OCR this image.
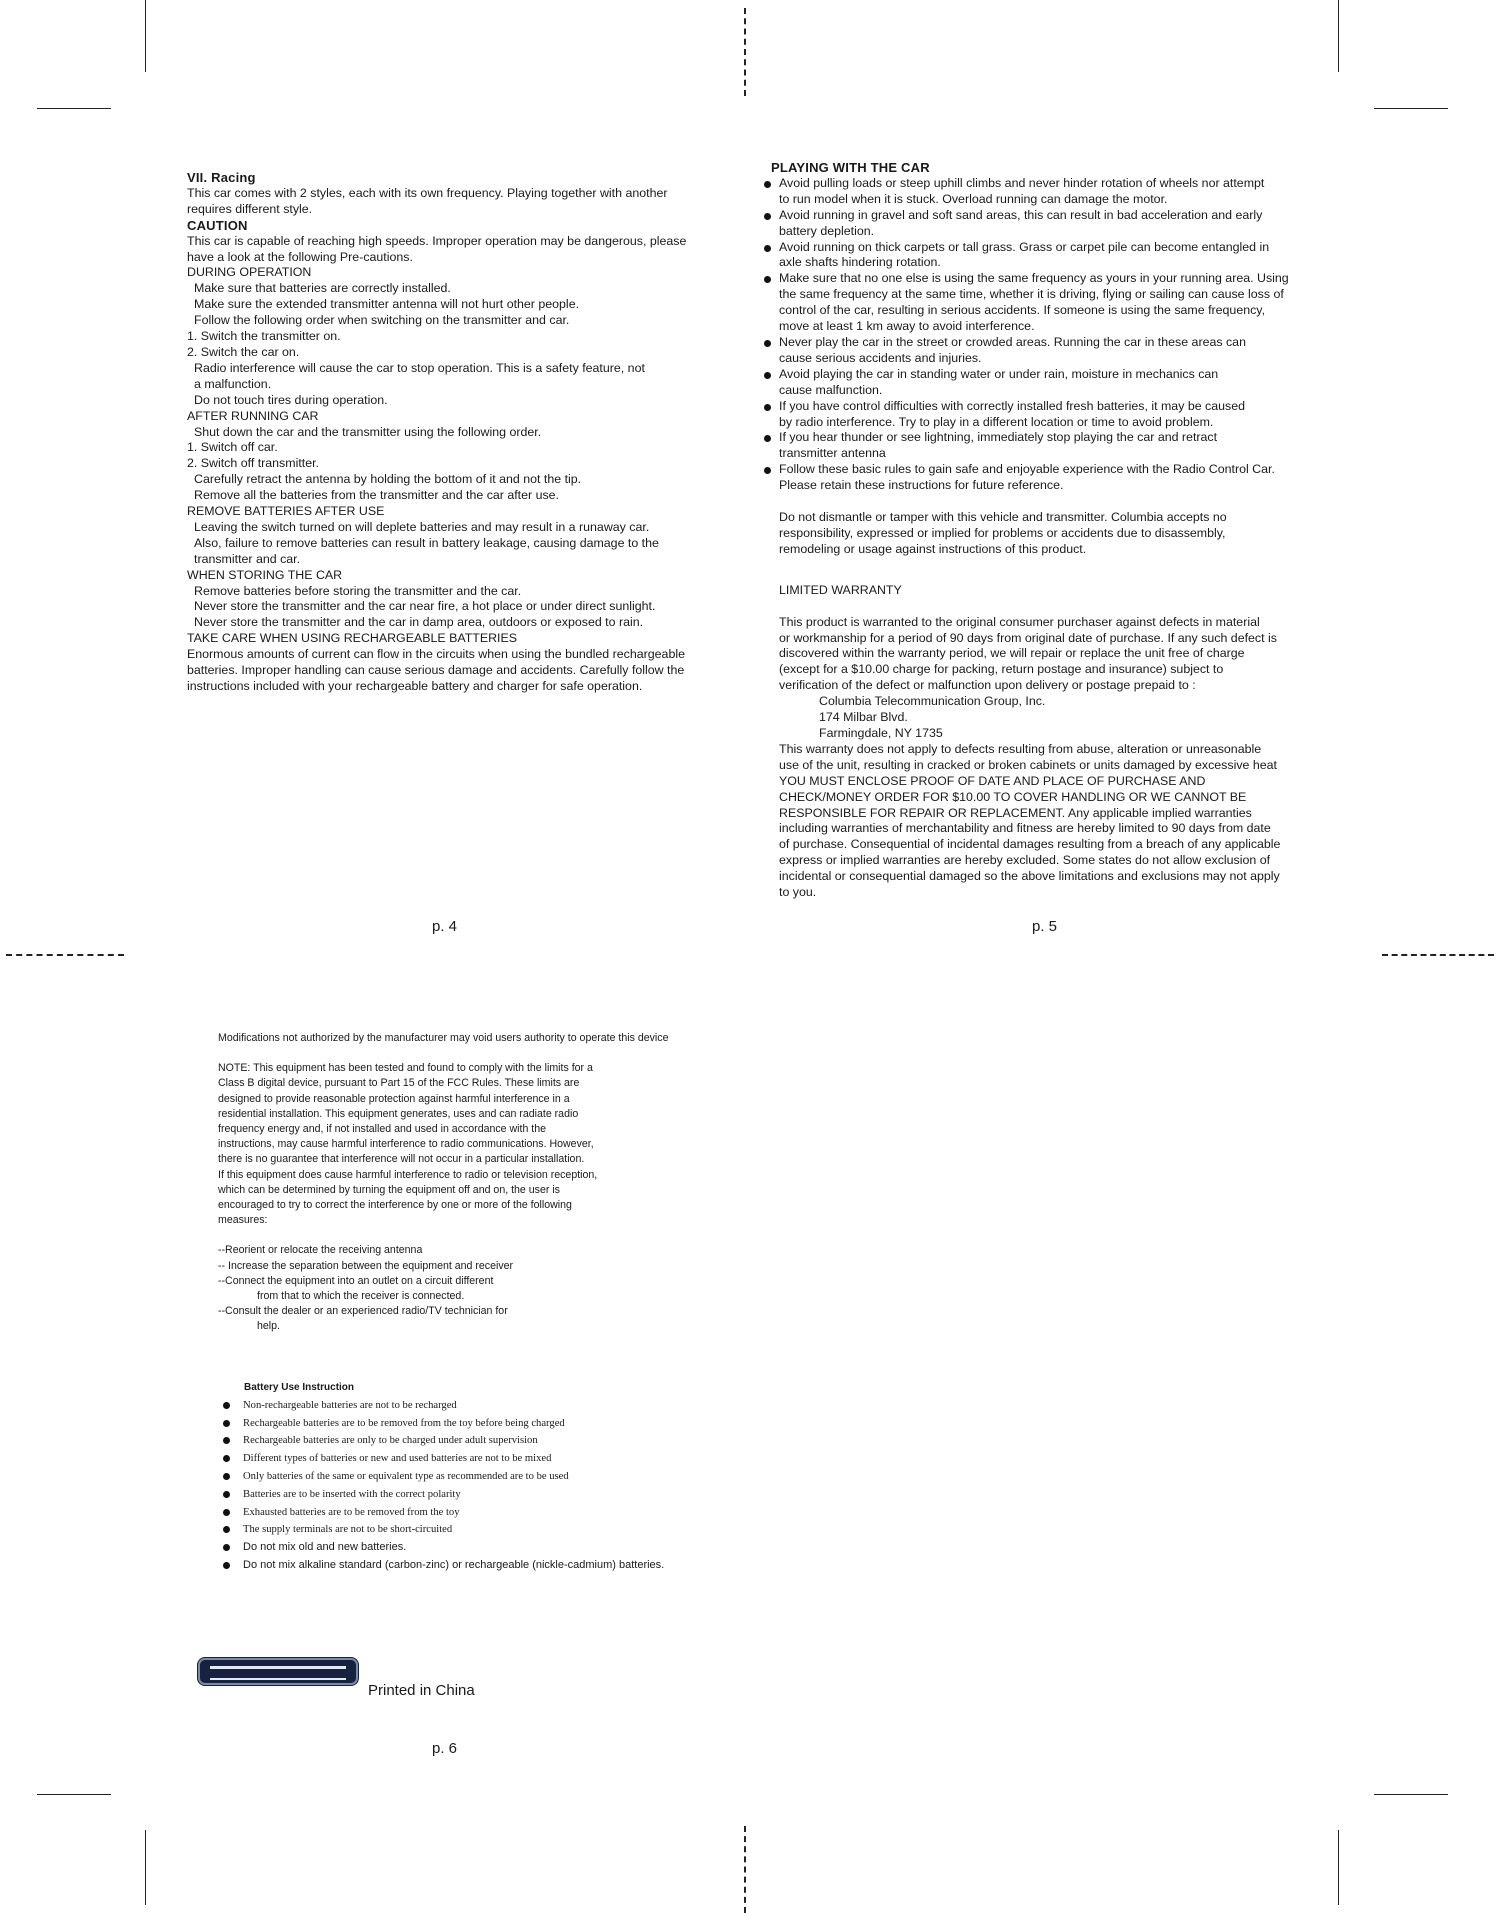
VII. Racing
This car comes with 2 styles, each with its own frequency. Playing together with another
requires different style.
CAUTION
This car is capable of reaching high speeds. Improper operation may be dangerous, please
have a look at the following Pre-cautions.
DURING OPERATION
Make sure that batteries are correctly installed.
Make sure the extended transmitter antenna will not hurt other people.
Follow the following order when switching on the transmitter and car.
1. Switch the transmitter on.
2. Switch the car on.
Radio interference will cause the car to stop operation. This is a safety feature, not
a malfunction.
Do not touch tires during operation.
AFTER RUNNING CAR
Shut down the car and the transmitter using the following order.
1. Switch off car.
2. Switch off transmitter.
Carefully retract the antenna by holding the bottom of it and not the tip.
Remove all the batteries from the transmitter and the car after use.
REMOVE BATTERIES AFTER USE
Leaving the switch turned on will deplete batteries and may result in a runaway car.
Also, failure to remove batteries can result in battery leakage, causing damage to the
transmitter and car.
WHEN STORING THE CAR
Remove batteries before storing the transmitter and the car.
Never store the transmitter and the car near fire, a hot place or under direct sunlight.
Never store the transmitter and the car in damp area, outdoors or exposed to rain.
TAKE CARE WHEN USING RECHARGEABLE BATTERIES
Enormous amounts of current can flow in the circuits when using the bundled rechargeable
batteries. Improper handling can cause serious damage and accidents. Carefully follow the
instructions included with your rechargeable battery and charger for safe operation.
p. 4
PLAYING WITH THE CAR
Avoid pulling loads or steep uphill climbs and never hinder rotation of wheels nor attempt
to run model when it is stuck. Overload running can damage the motor.
Avoid running in gravel and soft sand areas, this can result in bad acceleration and early
battery depletion.
Avoid running on thick carpets or tall grass. Grass or carpet pile can become entangled in
axle shafts hindering rotation.
Make sure that no one else is using the same frequency as yours in your running area. Using
the same frequency at the same time, whether it is driving, flying or sailing can cause loss of
control of the car, resulting in serious accidents. If someone is using the same frequency,
move at least 1 km away to avoid interference.
Never play the car in the street or crowded areas. Running the car in these areas can
cause serious accidents and injuries.
Avoid playing the car in standing water or under rain, moisture in mechanics can
cause malfunction.
If you have control difficulties with correctly installed fresh batteries, it may be caused
by radio interference. Try to play in a different location or time to avoid problem.
If you hear thunder or see lightning, immediately stop playing the car and retract
transmitter antenna
Follow these basic rules to gain safe and enjoyable experience with the Radio Control Car.
Please retain these instructions for future reference.
Do not dismantle or tamper with this vehicle and transmitter. Columbia accepts no
responsibility, expressed or implied for problems or accidents due to disassembly,
remodeling or usage against instructions of this product.
LIMITED WARRANTY
This product is warranted to the original consumer purchaser against defects in material
or workmanship for a period of 90 days from original date of purchase. If any such defect is
discovered within the warranty period, we will repair or replace the unit free of charge
(except for a $10.00 charge for packing, return postage and insurance) subject to
verification of the defect or malfunction upon delivery or postage prepaid to :
Columbia Telecommunication Group, Inc.
174 Milbar Blvd.
Farmingdale, NY 1735
This warranty does not apply to defects resulting from abuse, alteration or unreasonable
use of the unit, resulting in cracked or broken cabinets or units damaged by excessive heat
YOU MUST ENCLOSE PROOF OF DATE AND PLACE OF PURCHASE AND
CHECK/MONEY ORDER FOR $10.00 TO COVER HANDLING OR WE CANNOT BE
RESPONSIBLE FOR REPAIR OR REPLACEMENT. Any applicable implied warranties
including warranties of merchantability and fitness are hereby limited to 90 days from date
of purchase. Consequential of incidental damages resulting from a breach of any applicable
express or implied warranties are hereby excluded. Some states do not allow exclusion of
incidental or consequential damaged so the above limitations and exclusions may not apply
to you.
p. 5

Modifications not authorized by the manufacturer may void users authority to operate this device

NOTE: This equipment has been tested and found to comply with the limits for a

Class B digital device, pursuant to Part 15 of the FCC Rules. These limits are

designed to provide reasonable protection against harmful interference in a

residential installation. This equipment generates, uses and can radiate radio

frequency energy and, if not installed and used in accordance with the

instructions, may cause harmful interference to radio communications. However,

there is no guarantee that interference will not occur in a particular installation.

If this equipment does cause harmful interference to radio or television reception,

which can be determined by turning the equipment off and on, the user is

encouraged to try to correct the interference by one or more of the following

measures:

--Reorient or relocate the receiving antenna

-- Increase the separation between the equipment and receiver

--Connect the equipment into an outlet on a circuit different

from that to which the receiver is connected.

--Consult the dealer or an experienced radio/TV technician for

help.

Battery Use Instruction
Non-rechargeable batteries are not to be recharged
Rechargeable batteries are to be removed from the toy before being charged
Rechargeable batteries are only to be charged under adult supervision
Different types of batteries or new and used batteries are not to be mixed
Only batteries of the same or equivalent type as recommended are to be used
Batteries are to be inserted with the correct polarity
Exhausted batteries are to be removed from the toy
The supply terminals are not to be short-circuited
Do not mix old and new batteries.
Do not mix alkaline standard (carbon-zinc) or rechargeable (nickle-cadmium) batteries.
Printed in China
p. 6
